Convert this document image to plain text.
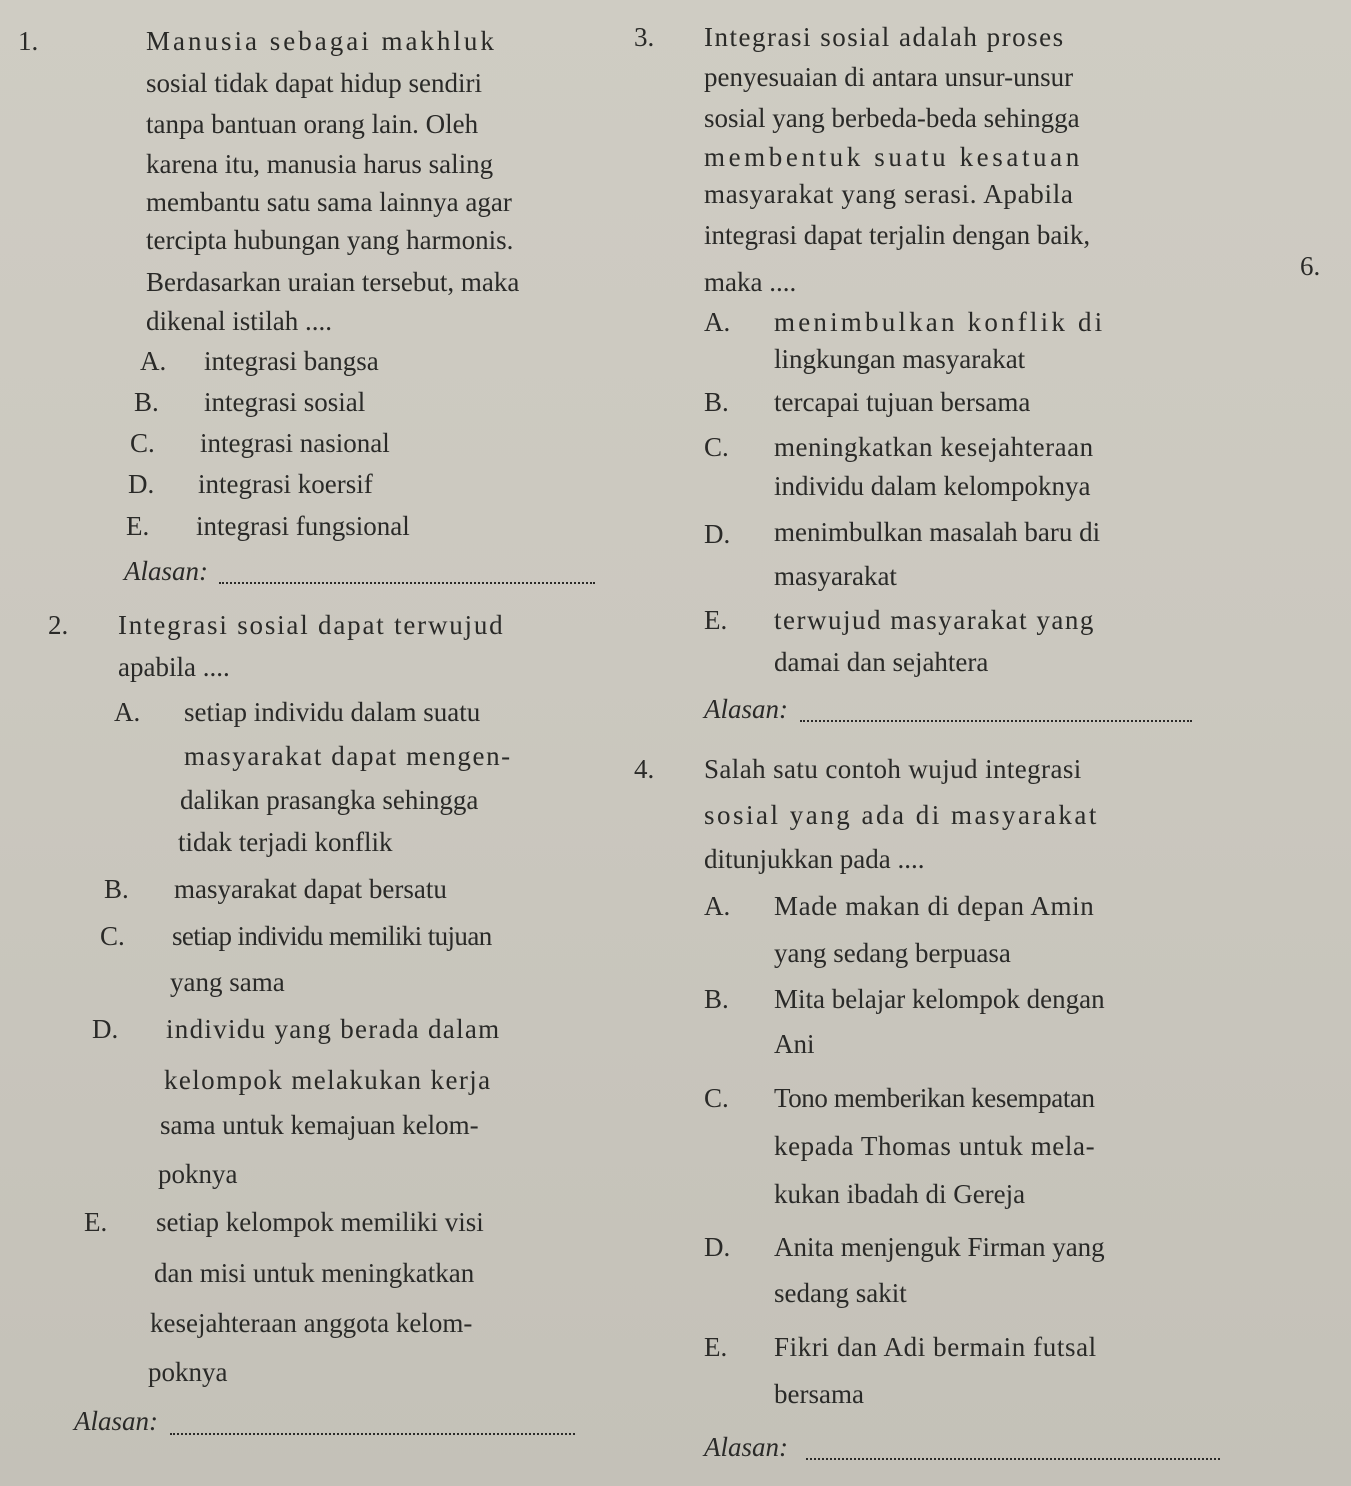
1.	Manusia sebagai makhluk
sosial tidak dapat hidup sendiri
tanpa bantuan orang lain. Oleh
karena itu, manusia harus saling
membantu satu sama lainnya agar
tercipta hubungan yang harmonis.
Berdasarkan uraian tersebut, maka
dikenal istilah ....
A. integrasi bangsa
B. integrasi sosial
C. integrasi nasional
D. integrasi koersif
E. integrasi fungsional
Alasan:
2. Integrasi sosial dapat terwujud
apabila ....
A. setiap individu dalam suatu
masyarakat dapat mengen-
dalikan prasangka sehingga
tidak terjadi konflik
B. masyarakat dapat bersatu
C. setiap individu memiliki tujuan
yang sama
D. individu yang berada dalam
kelompok melakukan kerja
sama untuk kemajuan kelom-
poknya
E. setiap kelompok memiliki visi
dan misi untuk meningkatkan
kesejahteraan anggota kelom-
poknya
Alasan:
3. Integrasi sosial adalah proses
penyesuaian di antara unsur-unsur
sosial yang berbeda-beda sehingga
membentuk suatu kesatuan
masyarakat yang serasi. Apabila
integrasi dapat terjalin dengan baik,
maka ....
A. menimbulkan konflik di
lingkungan masyarakat
B. tercapai tujuan bersama
C. meningkatkan kesejahteraan
individu dalam kelompoknya
D. menimbulkan masalah baru di
masyarakat
E. terwujud masyarakat yang
damai dan sejahtera
Alasan:
4. Salah satu contoh wujud integrasi
sosial yang ada di masyarakat
ditunjukkan pada ....
A. Made makan di depan Amin
yang sedang berpuasa
B. Mita belajar kelompok dengan
Ani
C. Tono memberikan kesempatan
kepada Thomas untuk mela-
kukan ibadah di Gereja
D. Anita menjenguk Firman yang
sedang sakit
E. Fikri dan Adi bermain futsal
bersama
Alasan:
6.
